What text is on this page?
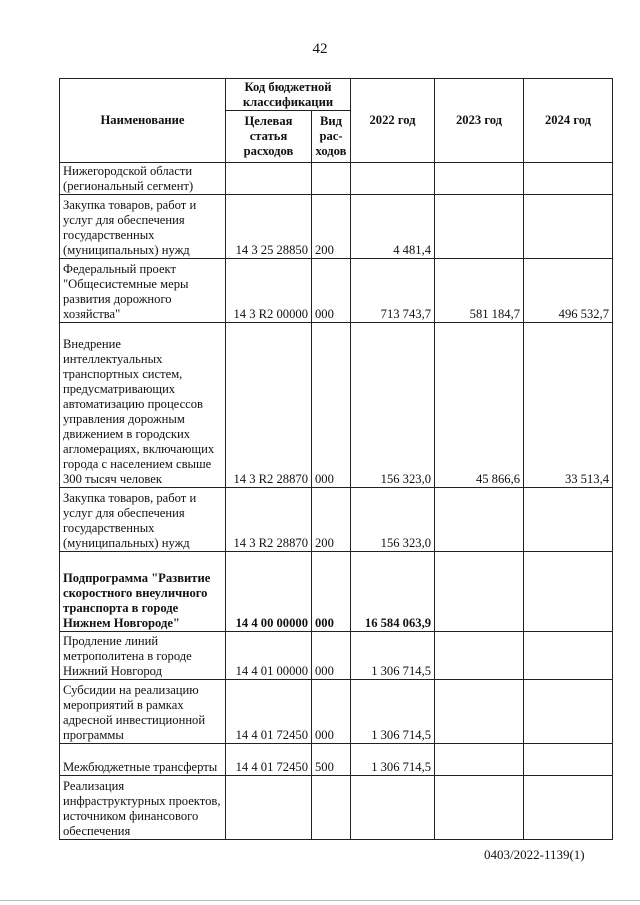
42
Наименование	Код бюджетной классификации		2022 год	2023 год	2024 год
	Целевая статья расходов	Вид рас-ходов			
Нижегородской области (региональный сегмент)					
Закупка товаров, работ и услуг для обеспечения государственных (муниципальных) нужд	14 3 25 28850	200	4 481,4		
Федеральный проект "Общесистемные меры развития дорожного хозяйства"	14 3 R2 00000	000	713 743,7	581 184,7	496 532,7
Внедрение интеллектуальных транспортных систем, предусматривающих автоматизацию процессов управления дорожным движением в городских агломерациях, включающих города с населением свыше 300 тысяч человек	14 3 R2 28870	000	156 323,0	45 866,6	33 513,4
Закупка товаров, работ и услуг для обеспечения государственных (муниципальных) нужд	14 3 R2 28870	200	156 323,0		
Подпрограмма "Развитие скоростного внеуличного транспорта в городе Нижнем Новгороде"	14 4 00 00000	000	16 584 063,9		
Продление линий метрополитена в городе Нижний Новгород	14 4 01 00000	000	1 306 714,5		
Субсидии на реализацию мероприятий в рамках адресной инвестиционной программы	14 4 01 72450	000	1 306 714,5		
Межбюджетные трансферты	14 4 01 72450	500	1 306 714,5		
Реализация инфраструктурных проектов, источником финансового обеспечения					
0403/2022-1139(1)
